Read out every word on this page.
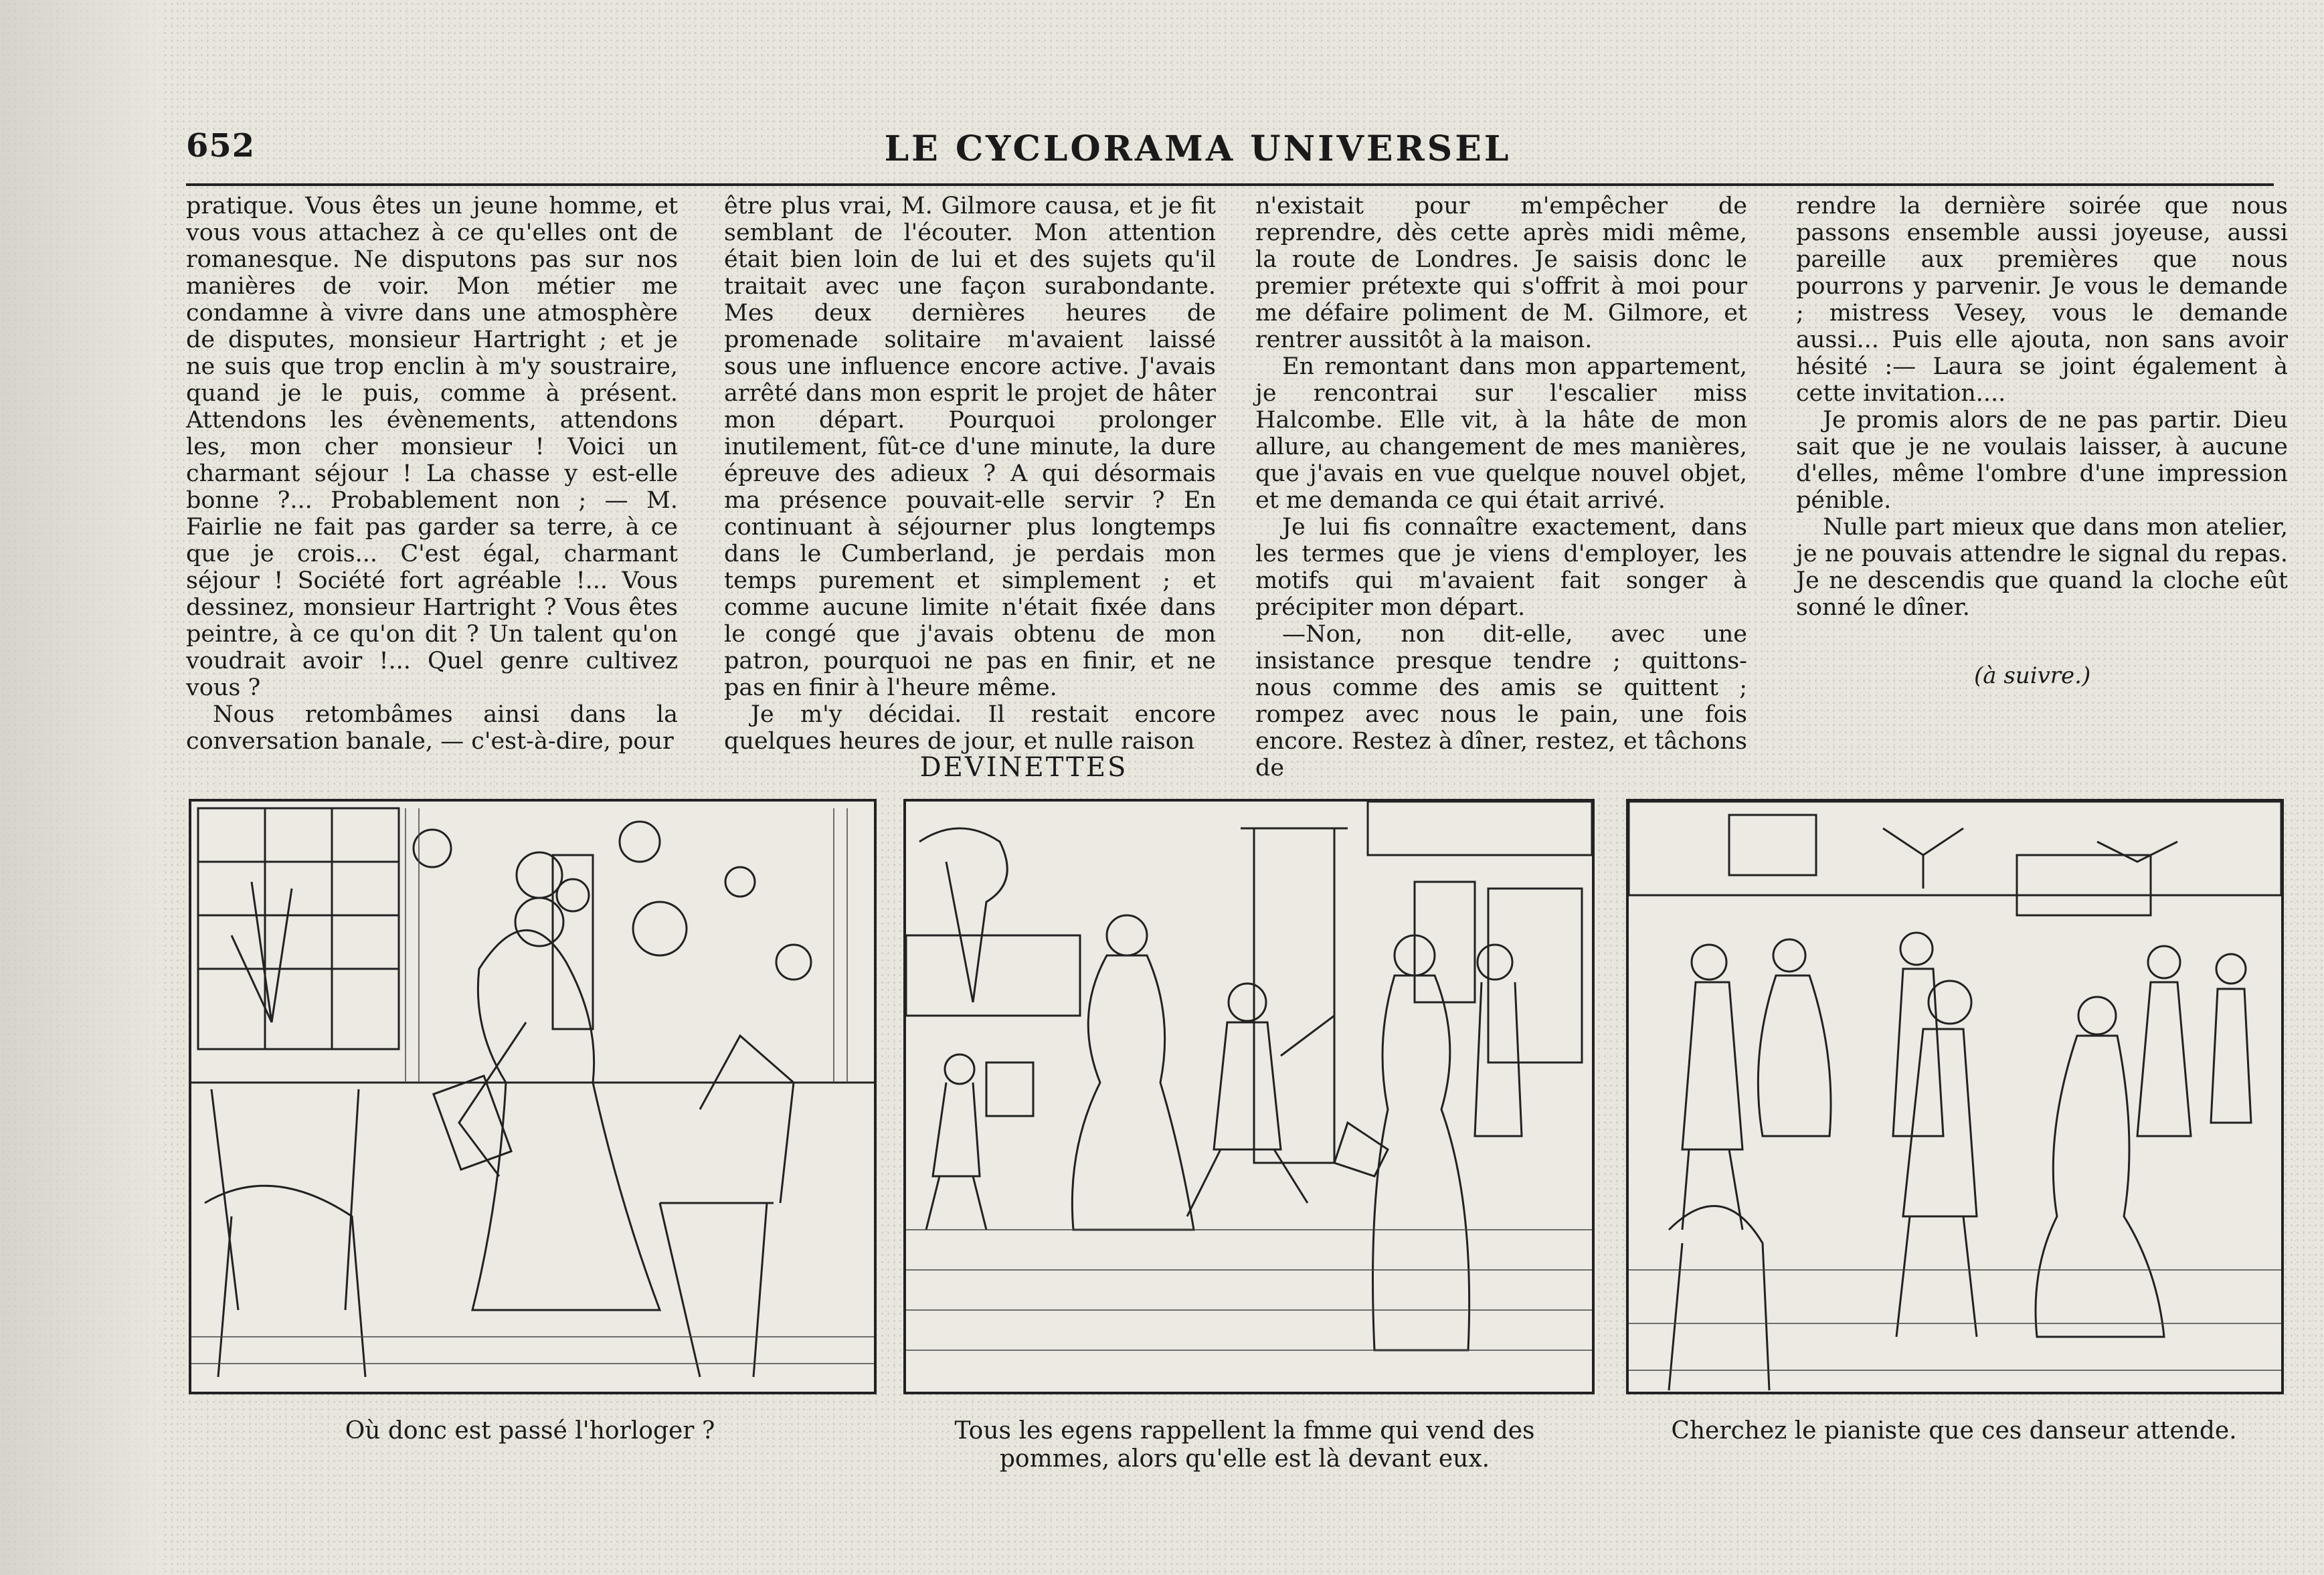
652	LE CYCLORAMA UNIVERSEL

pratique. Vous êtes un jeune homme, et vous vous attachez à ce qu'elles ont de romanesque. Ne disputons pas sur nos manières de voir. Mon métier me condamne à vivre dans une atmosphère de disputes, monsieur Hartright ; et je ne suis que trop enclin à m'y soustraire, quand je le puis, comme à présent. Attendons les évènements, attendons les, mon cher monsieur ! Voici un charmant séjour ! La chasse y est-elle bonne ?... Probablement non ; — M. Fairlie ne fait pas garder sa terre, à ce que je crois... C'est égal, charmant séjour ! Société fort agréable !... Vous dessinez, monsieur Hartright ? Vous êtes peintre, à ce qu'on dit ? Un talent qu'on voudrait avoir !... Quel genre cultivez vous ?

Nous retombâmes ainsi dans la conversation banale, — c'est-à-dire, pour

être plus vrai, M. Gilmore causa, et je fit semblant de l'écouter. Mon attention était bien loin de lui et des sujets qu'il traitait avec une façon surabondante. Mes deux dernières heures de promenade solitaire m'avaient laissé sous une influence encore active. J'avais arrêté dans mon esprit le projet de hâter mon départ. Pourquoi prolonger inutilement, fût-ce d'une minute, la dure épreuve des adieux ? A qui désormais ma présence pouvait-elle servir ? En continuant à séjourner plus longtemps dans le Cumberland, je perdais mon temps purement et simplement ; et comme aucune limite n'était fixée dans le congé que j'avais obtenu de mon patron, pourquoi ne pas en finir, et ne pas en finir à l'heure même.

Je m'y décidai. Il restait encore quelques heures de jour, et nulle raison

n'existait pour m'empêcher de reprendre, dès cette après midi même, la route de Londres. Je saisis donc le premier prétexte qui s'offrit à moi pour me défaire poliment de M. Gilmore, et rentrer aussitôt à la maison.

En remontant dans mon appartement, je rencontrai sur l'escalier miss Halcombe. Elle vit, à la hâte de mon allure, au changement de mes manières, que j'avais en vue quelque nouvel objet, et me demanda ce qui était arrivé.

Je lui fis connaître exactement, dans les termes que je viens d'employer, les motifs qui m'avaient fait songer à précipiter mon départ.

—Non, non dit-elle, avec une insistance presque tendre ; quittons-nous comme des amis se quittent ; rompez avec nous le pain, une fois encore. Restez à dîner, restez, et tâchons de

rendre la dernière soirée que nous passons ensemble aussi joyeuse, aussi pareille aux premières que nous pourrons y parvenir. Je vous le demande ; mistress Vesey, vous le demande aussi... Puis elle ajouta, non sans avoir hésité :— Laura se joint également à cette invitation....

Je promis alors de ne pas partir. Dieu sait que je ne voulais laisser, à aucune d'elles, même l'ombre d'une impression pénible.

Nulle part mieux que dans mon atelier, je ne pouvais attendre le signal du repas. Je ne descendis que quand la cloche eût sonné le dîner.

(à suivre.)
DEVINETTES
Où donc est passé l'horloger ?	Tous les egens rappellent la fmme qui vend des pommes, alors qu'elle est là devant eux.
Cherchez le pianiste que ces danseur attende.
